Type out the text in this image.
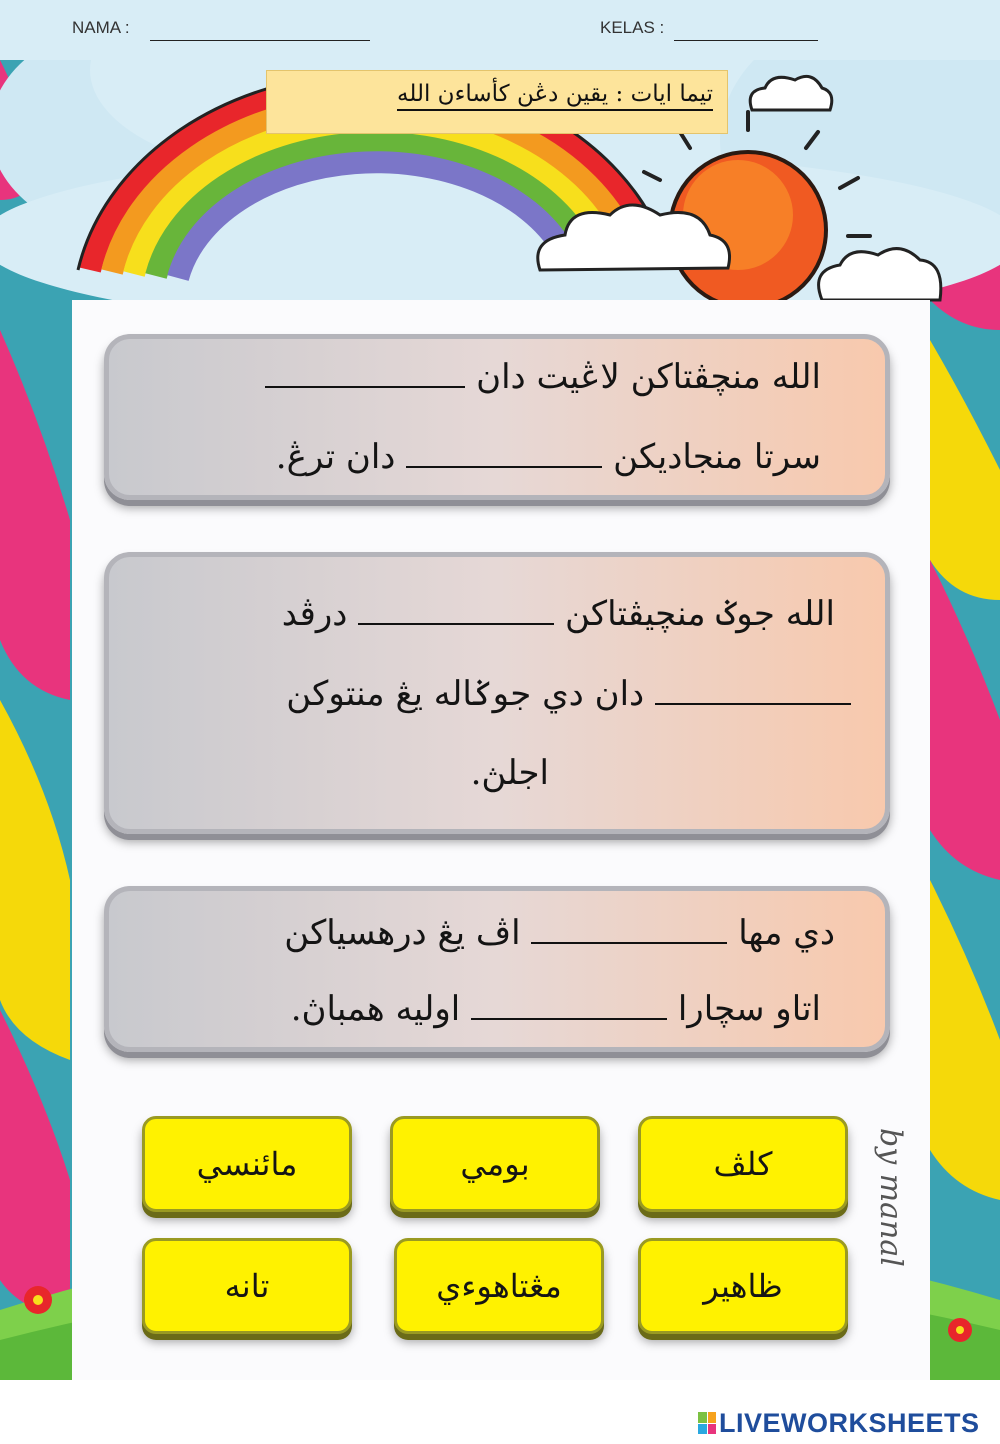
NAMA :	KELAS :
تيما ايات : يقين دڠن كأساءن الله
الله منچڤتاكن لاڠيت دان
سرتا منجاديكن  دان ترڠ.
الله جوݢ منچيڤتاكن  درڤد
دان دي جوݢاله يڠ منتوكن
اجلڽ.
دي مها  اڤ يڠ درهسياكن
اتاو سچارا  اوليه همباڽ.
كلڤ
بومي
مائنسي
ظاهير
مڠتاهوءي
تانه
by manal
LIVEWORKSHEETS
